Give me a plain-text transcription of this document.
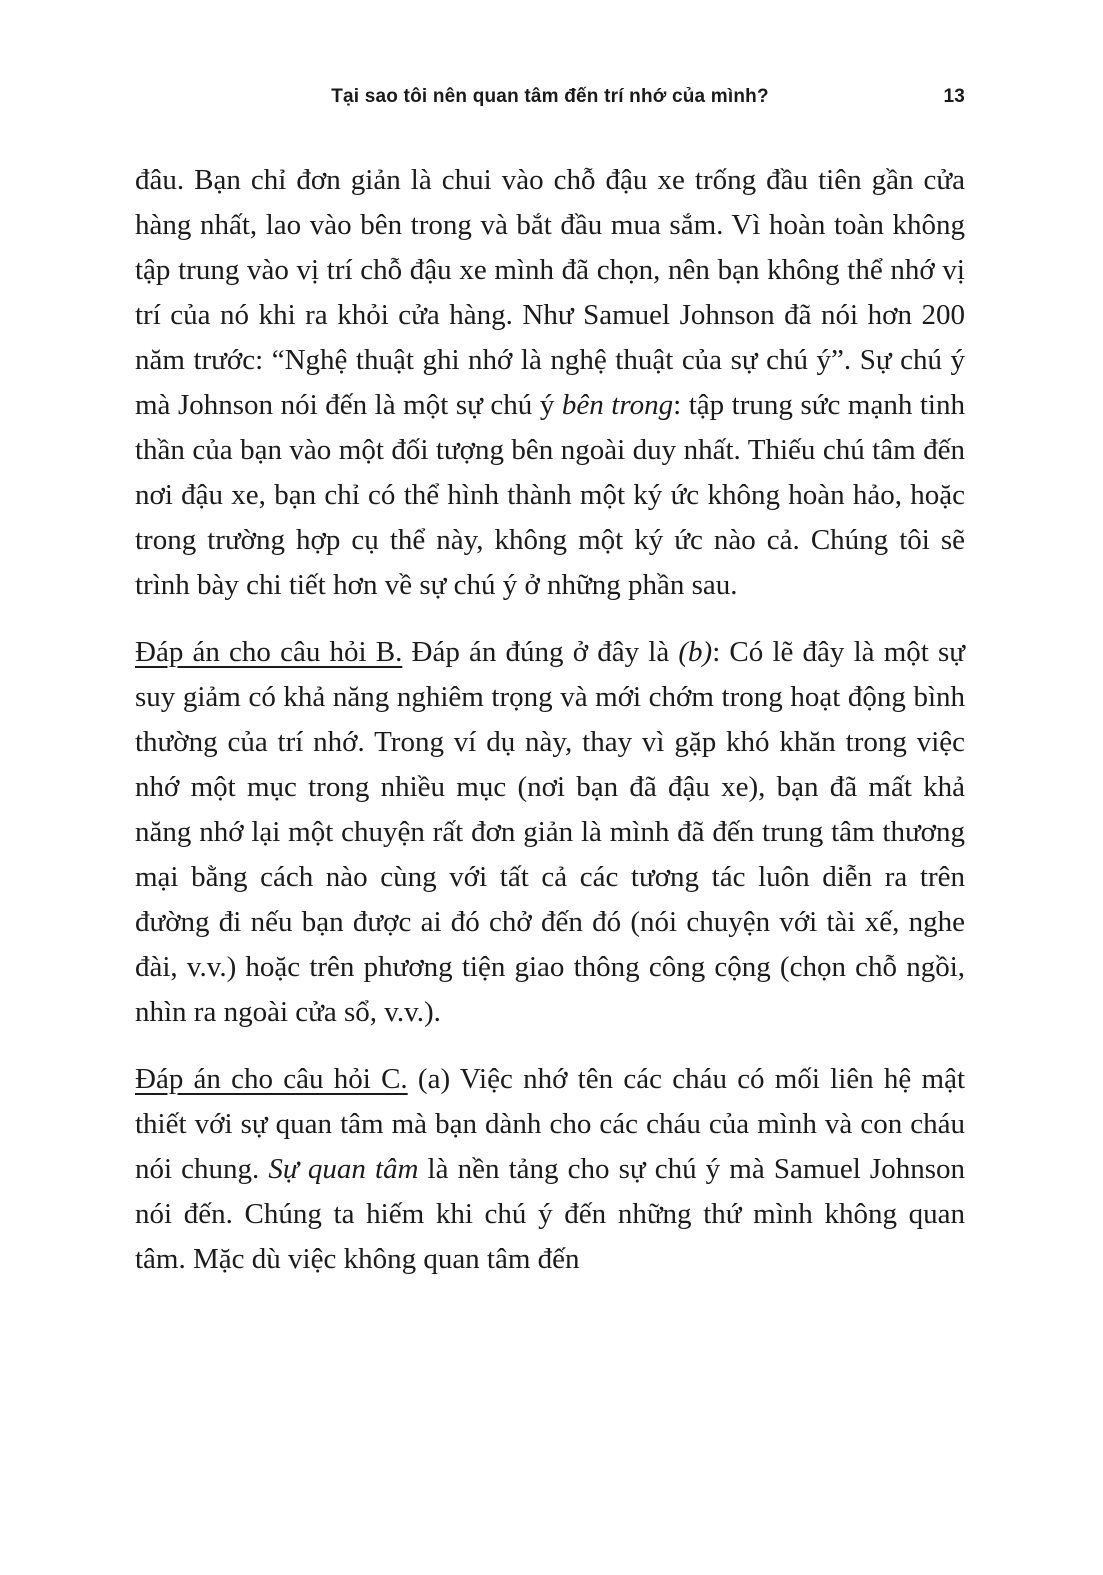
Tại sao tôi nên quan tâm đến trí nhớ của mình?	13

đâu. Bạn chỉ đơn giản là chui vào chỗ đậu xe trống đầu tiên gần cửa hàng nhất, lao vào bên trong và bắt đầu mua sắm. Vì hoàn toàn không tập trung vào vị trí chỗ đậu xe mình đã chọn, nên bạn không thể nhớ vị trí của nó khi ra khỏi cửa hàng. Như Samuel Johnson đã nói hơn 200 năm trước: “Nghệ thuật ghi nhớ là nghệ thuật của sự chú ý”. Sự chú ý mà Johnson nói đến là một sự chú ý bên trong: tập trung sức mạnh tinh thần của bạn vào một đối tượng bên ngoài duy nhất. Thiếu chú tâm đến nơi đậu xe, bạn chỉ có thể hình thành một ký ức không hoàn hảo, hoặc trong trường hợp cụ thể này, không một ký ức nào cả. Chúng tôi sẽ trình bày chi tiết hơn về sự chú ý ở những phần sau.

Đáp án cho câu hỏi B. Đáp án đúng ở đây là (b): Có lẽ đây là một sự suy giảm có khả năng nghiêm trọng và mới chớm trong hoạt động bình thường của trí nhớ. Trong ví dụ này, thay vì gặp khó khăn trong việc nhớ một mục trong nhiều mục (nơi bạn đã đậu xe), bạn đã mất khả năng nhớ lại một chuyện rất đơn giản là mình đã đến trung tâm thương mại bằng cách nào cùng với tất cả các tương tác luôn diễn ra trên đường đi nếu bạn được ai đó chở đến đó (nói chuyện với tài xế, nghe đài, v.v.) hoặc trên phương tiện giao thông công cộng (chọn chỗ ngồi, nhìn ra ngoài cửa sổ, v.v.).

Đáp án cho câu hỏi C. (a) Việc nhớ tên các cháu có mối liên hệ mật thiết với sự quan tâm mà bạn dành cho các cháu của mình và con cháu nói chung. Sự quan tâm là nền tảng cho sự chú ý mà Samuel Johnson nói đến. Chúng ta hiếm khi chú ý đến những thứ mình không quan tâm. Mặc dù việc không quan tâm đến
